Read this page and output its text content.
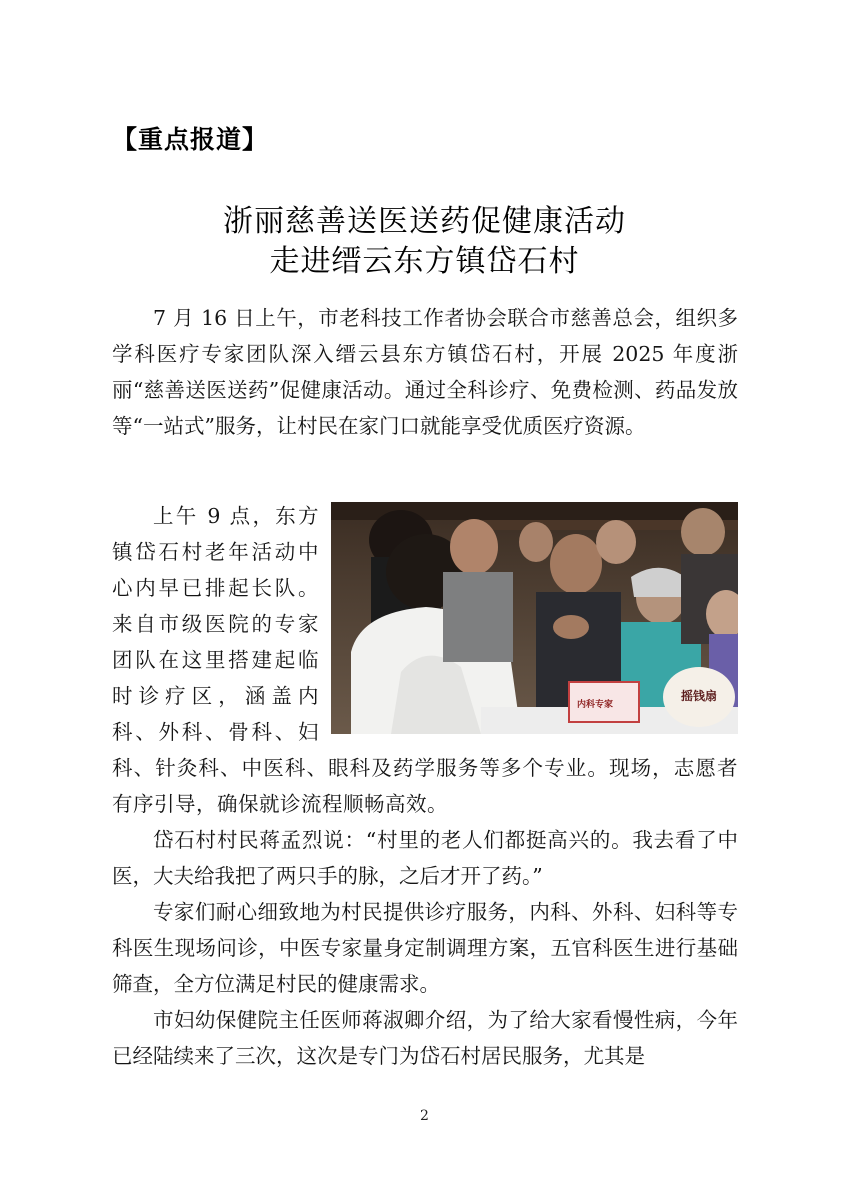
【重点报道】
浙丽慈善送医送药促健康活动
走进缙云东方镇岱石村

7 月 16 日上午，市老科技工作者协会联合市慈善总会，组织多学科医疗专家团队深入缙云县东方镇岱石村，开展 2025 年度浙丽“慈善送医送药”促健康活动。通过全科诊疗、免费检测、药品发放等“一站式”服务，让村民在家门口就能享受优质医疗资源。

内科专家
摇钱扇

上午 9 点，东方镇岱石村老年活动中心内早已排起长队。来自市级医院的专家团队在这里搭建起临时诊疗区，涵盖内科、外科、骨科、妇科、针灸科、中医科、眼科及药学服务等多个专业。现场，志愿者有序引导，确保就诊流程顺畅高效。

岱石村村民蒋孟烈说：“村里的老人们都挺高兴的。我去看了中医，大夫给我把了两只手的脉，之后才开了药。”

专家们耐心细致地为村民提供诊疗服务，内科、外科、妇科等专科医生现场问诊，中医专家量身定制调理方案，五官科医生进行基础筛查，全方位满足村民的健康需求。

市妇幼保健院主任医师蒋淑卿介绍，为了给大家看慢性病，今年已经陆续来了三次，这次是专门为岱石村居民服务，尤其是

2
